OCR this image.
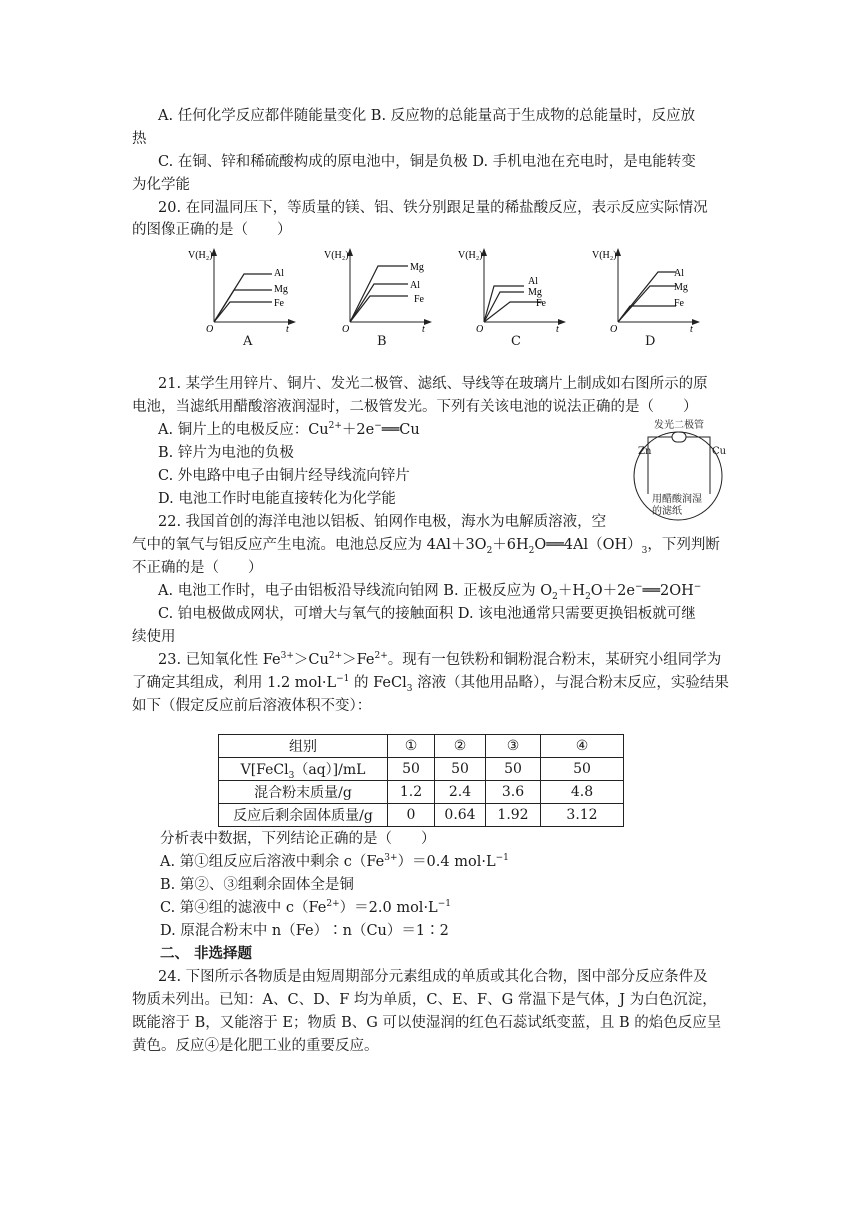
A. 任何化学反应都伴随能量变化 B. 反应物的总能量高于生成物的总能量时，反应放
热
C. 在铜、锌和稀硫酸构成的原电池中，铜是负极 D. 手机电池在充电时，是电能转变
为化学能
20. 在同温同压下，等质量的镁、铝、铁分别跟足量的稀盐酸反应，表示反应实际情况
的图像正确的是（　　）
V(H₂)
O	t
Al
Mg
Fe
A
V(H₂)
O	t
Mg
Al
Fe
B
V(H₂)
O	t
Al
Mg
Fe
C
V(H₂)
O	t
Al
Mg
Fe
D
21. 某学生用锌片、铜片、发光二极管、滤纸、导线等在玻璃片上制成如右图所示的原
电池，当滤纸用醋酸溶液润湿时，二极管发光。下列有关该电池的说法正确的是（　　）
A. 铜片上的电极反应：$Cu^{2+}+2e^-══Cu$
B. 锌片为电池的负极
C. 外电路中电子由铜片经导线流向锌片
D. 电池工作时电能直接转化为化学能
发光二极管
Zn	Cu
用醋酸润湿
的滤纸
22. 我国首创的海洋电池以铝板、铂网作电极，海水为电解质溶液，空
气中的氧气与铝反应产生电流。电池总反应为 $4Al+3O_2+6H_2O══4Al(OH)_3$，下列判断
不正确的是（　　）
A. 电池工作时，电子由铝板沿导线流向铂网 B. 正极反应为 $O_2+H_2O+2e^-══2OH^-$
C. 铂电极做成网状，可增大与氧气的接触面积 D. 该电池通常只需要更换铝板就可继
续使用
23. 已知氧化性 $Fe^{3+}>Cu^{2+}>Fe^{2+}$。现有一包铁粉和铜粉混合粉末，某研究小组同学为
了确定其组成，利用 1.2 $mol\cdot L^{-1}$ 的 FeCl$_3$ 溶液（其他用品略），与混合粉末反应，实验结果
如下（假定反应前后溶液体积不变）：
组别	①	②	③	④
V[FeCl$_3$（aq）]/mL	50	50	50	50
混合粉末质量/g	1.2	2.4	3.6	4.8
反应后剩余固体质量/g	0	0.64	1.92	3.12
分析表中数据，下列结论正确的是（　　）
A. 第①组反应后溶液中剩余 $c(Fe^{3+})=0.4$ $mol\cdot L^{-1}$
B. 第②、③组剩余固体全是铜
C. 第④组的滤液中 $c(Fe^{2+})=2.0$ $mol\cdot L^{-1}$
D. 原混合粉末中 n（Fe）∶n（Cu）＝1∶2
二、 非选择题
24. 下图所示各物质是由短周期部分元素组成的单质或其化合物，图中部分反应条件及
物质未列出。已知：A、C、D、F 均为单质，C、E、F、G 常温下是气体，J 为白色沉淀，
既能溶于 B，又能溶于 E；物质 B、G 可以使湿润的红色石蕊试纸变蓝，且 B 的焰色反应呈
黄色。反应④是化肥工业的重要反应。
